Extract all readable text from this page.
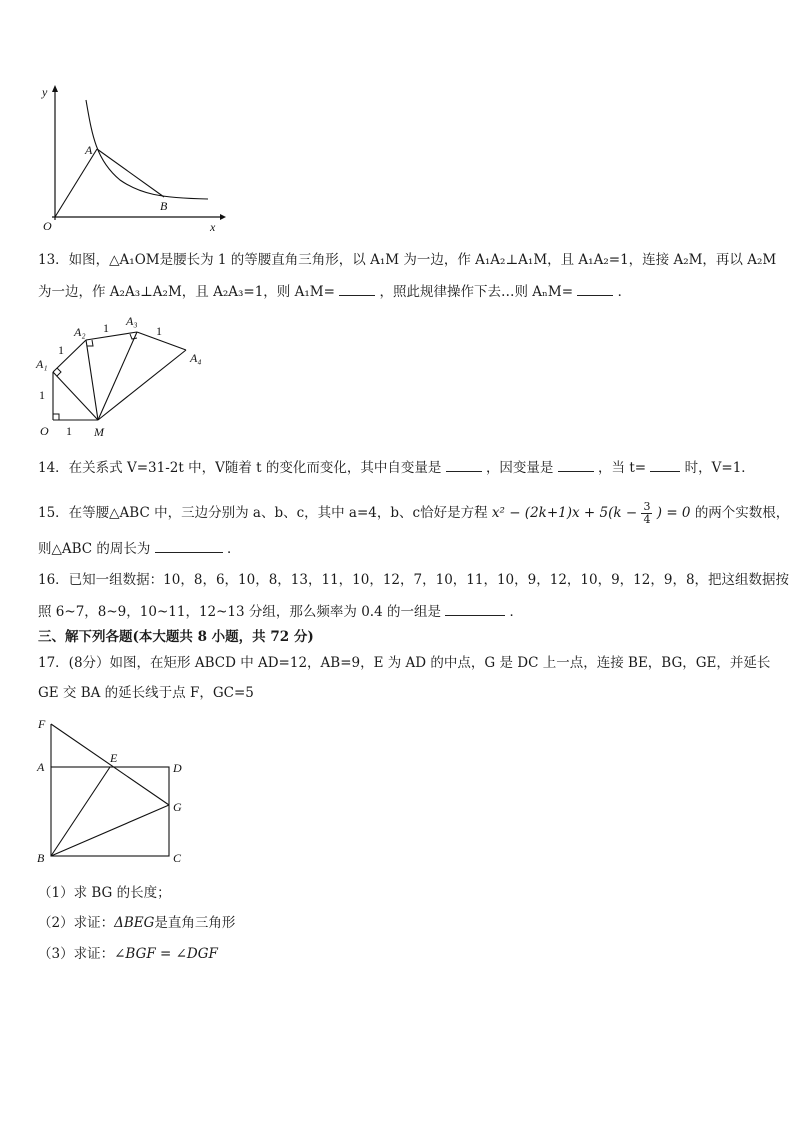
y
x
O
A
B
13．如图，△A₁OM是腰长为 1 的等腰直角三角形，以 A₁M 为一边，作 A₁A₂⊥A₁M，且 A₁A₂=1，连接 A₂M，再以 A₂M
为一边，作 A₂A₃⊥A₂M，且 A₂A₃=1，则 A₁M=	，照此规律操作下去…则 AₙM=	．
O	M
A₁
A₂
A₃
A₄
1
1
1
1	1
14．在关系式 V=31-2t 中，V随着 t 的变化而变化，其中自变量是	，因变量是	，当 t=	时，V=1．
15．在等腰△ABC 中，三边分别为 a、b、c，其中 a=4，b、c恰好是方程 $x^2 - (2k+1)x + 5(k - \frac{3}{4}$ ) = 0 的两个实数根，
则△ABC 的周长为	．
16．已知一组数据：10，8，6，10，8，13，11，10，12，7，10，11，10，9，12，10，9，12，9，8，把这组数据按
照 6~7，8~9，10~11，12~13 分组，那么频率为 0.4 的一组是	．
三、解下列各题(本大题共 8 小题，共 72 分)
17．(8分）如图，在矩形 ABCD 中 AD=12，AB=9，E 为 AD 的中点，G 是 DC 上一点，连接 BE，BG，GE，并延长
GE 交 BA 的延长线于点 F，GC=5
F
A
E
D
G
B	C
（1）求 BG 的长度；
（2）求证：ΔBEG是直角三角形
（3）求证：∠BGF = ∠DGF
